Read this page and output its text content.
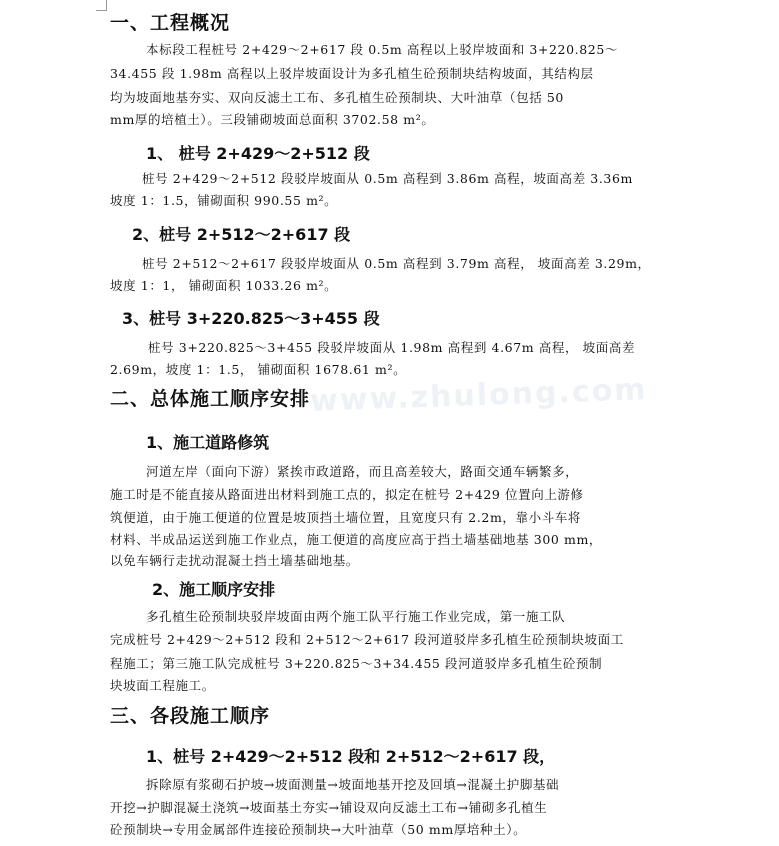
www.zhulong.com
一、工程概况
本标段工程桩号 2+429～2+617 段 0.5m 高程以上驳岸坡面和 3+220.825～
34.455 段 1.98m 高程以上驳岸坡面设计为多孔植生砼预制块结构坡面，其结构层
均为坡面地基夯实、双向反滤土工布、多孔植生砼预制块、大叶油草（包括 50
mm厚的培植土）。三段铺砌坡面总面积 3702.58 m²。
1、 桩号 2+429～2+512 段
桩号 2+429～2+512 段驳岸坡面从 0.5m 高程到 3.86m 高程，坡面高差 3.36m
坡度 1：1.5，铺砌面积 990.55 m²。
2、桩号 2+512～2+617 段
桩号 2+512～2+617 段驳岸坡面从 0.5m 高程到 3.79m 高程， 坡面高差 3.29m，
坡度 1：1， 铺砌面积 1033.26 m²。
3、桩号 3+220.825～3+455 段
桩号 3+220.825～3+455 段驳岸坡面从 1.98m 高程到 4.67m 高程， 坡面高差
2.69m，坡度 1：1.5， 铺砌面积 1678.61 m²。
二、总体施工顺序安排
1、施工道路修筑
河道左岸（面向下游）紧挨市政道路，而且高差较大，路面交通车辆繁多，
施工时是不能直接从路面进出材料到施工点的，拟定在桩号 2+429 位置向上游修
筑便道，由于施工便道的位置是坡顶挡土墙位置，且宽度只有 2.2m，靠小斗车将
材料、半成品运送到施工作业点，施工便道的高度应高于挡土墙基础地基 300 mm，
以免车辆行走扰动混凝土挡土墙基础地基。
2、施工顺序安排
多孔植生砼预制块驳岸坡面由两个施工队平行施工作业完成，第一施工队
完成桩号 2+429～2+512 段和 2+512～2+617 段河道驳岸多孔植生砼预制块坡面工
程施工；第三施工队完成桩号 3+220.825～3+34.455 段河道驳岸多孔植生砼预制
块坡面工程施工。
三、各段施工顺序
1、桩号 2+429～2+512 段和 2+512～2+617 段，
拆除原有浆砌石护坡→坡面测量→坡面地基开挖及回填→混凝土护脚基础
开挖→护脚混凝土浇筑→坡面基土夯实→铺设双向反滤土工布→铺砌多孔植生
砼预制块→专用金属部件连接砼预制块→大叶油草（50 mm厚培种土）。
